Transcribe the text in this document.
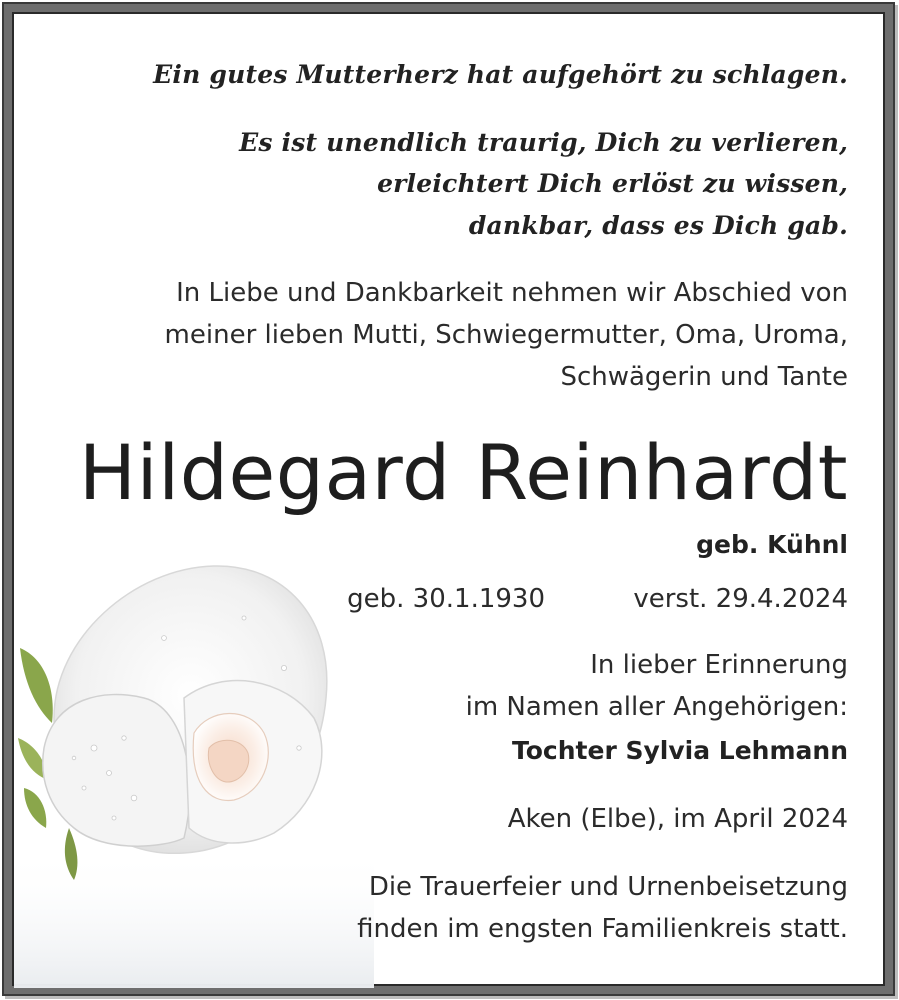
Ein gutes Mutterherz hat aufgehört zu schlagen.

Es ist unendlich traurig, Dich zu verlieren,

erleichtert Dich erlöst zu wissen,

dankbar, dass es Dich gab.

In Liebe und Dankbarkeit nehmen wir Abschied von

meiner lieben Mutti, Schwiegermutter, Oma, Uroma,

Schwägerin und Tante

Hildegard Reinhardt

geb. Kühnl

geb. 30.1.1930	verst. 29.4.2024

In lieber Erinnerung

im Namen aller Angehörigen:

Tochter Sylvia Lehmann

Aken (Elbe), im April 2024

Die Trauerfeier und Urnenbeisetzung

finden im engsten Familienkreis statt.
